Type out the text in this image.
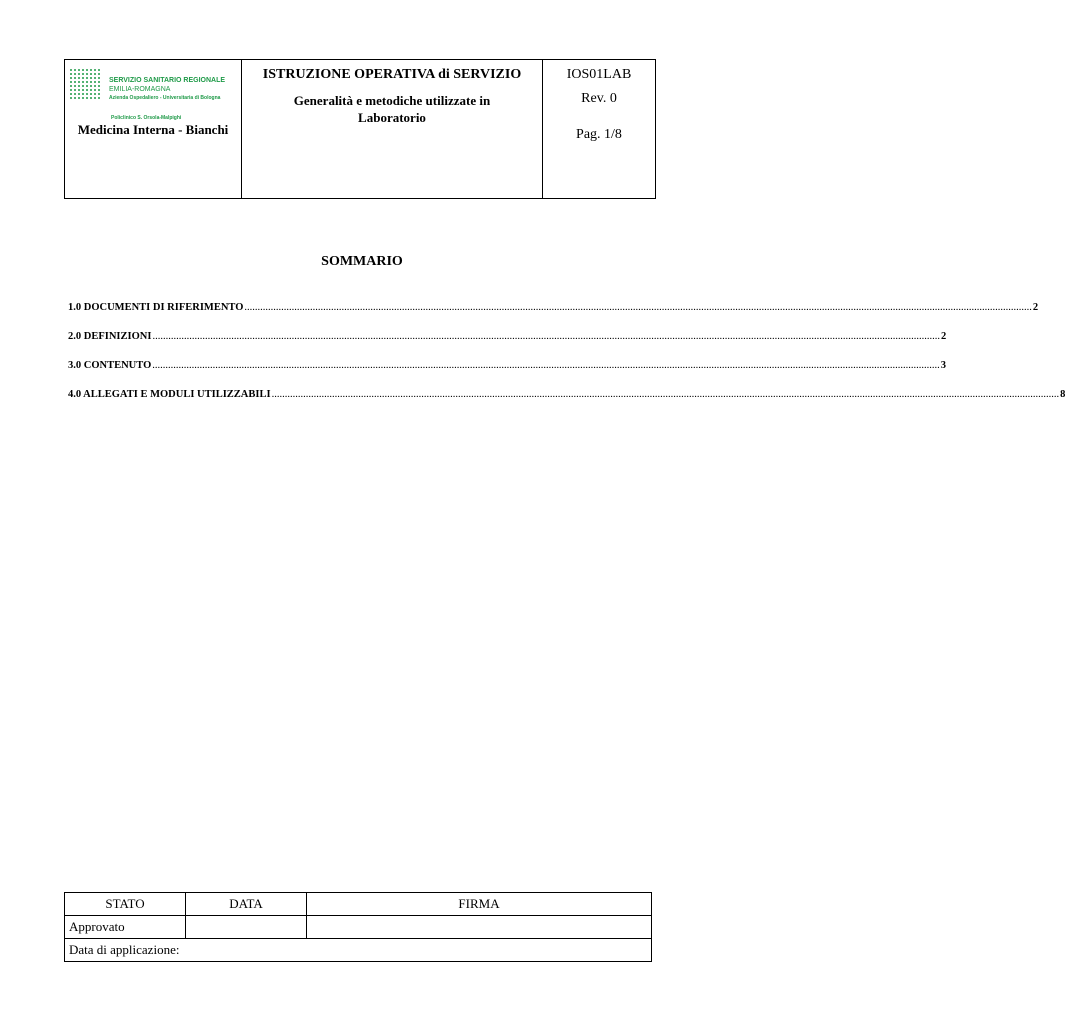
SERVIZIO SANITARIO REGIONALE
EMILIA-ROMAGNA
Azienda Ospedaliero - Universitaria di Bologna
Policlinico S. Orsola-Malpighi
Medicina Interna - Bianchi

ISTRUZIONE OPERATIVA di SERVIZIO
Generalità e metodiche utilizzate in Laboratorio

IOS01LAB
Rev. 0
Pag. 1/8
SOMMARIO
1.0 DOCUMENTI DI RIFERIMENTO ............................................................................................................................................................................................................................................................................................................ 2
2.0 DEFINIZIONI ............................................................................................................................................................................................................................................................................................................ 2
3.0 CONTENUTO ............................................................................................................................................................................................................................................................................................................ 3
4.0 ALLEGATI E MODULI UTILIZZABILI ............................................................................................................................................................................................................................................................................................................ 8
STATO	DATA	FIRMA
Approvato		
Data di applicazione:		
